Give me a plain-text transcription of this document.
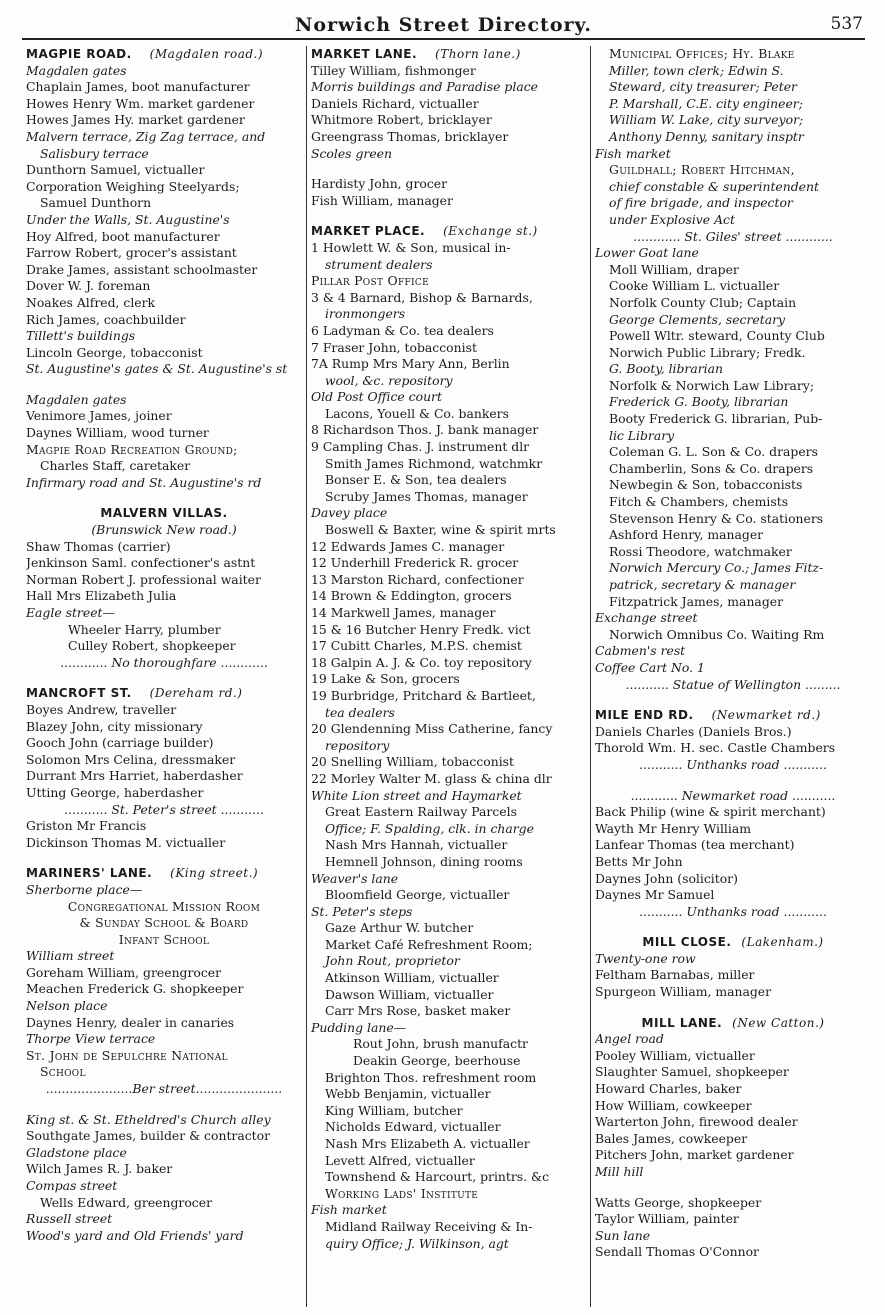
Norwich Street Directory.	537
MAGPIE ROAD. (Magdalen road.)
Magdalen gates
Chaplain James, boot manufacturer
Howes Henry Wm. market gardener
Howes James Hy. market gardener
Malvern terrace, Zig Zag terrace, and
Salisbury terrace
Dunthorn Samuel, victualler
Corporation Weighing Steelyards;
Samuel Dunthorn
Under the Walls, St. Augustine's
Hoy Alfred, boot manufacturer
Farrow Robert, grocer's assistant
Drake James, assistant schoolmaster
Dover W. J. foreman
Noakes Alfred, clerk
Rich James, coachbuilder
Tillett's buildings
Lincoln George, tobacconist
St. Augustine's gates & St. Augustine's st
Magdalen gates
Venimore James, joiner
Daynes William, wood turner
Magpie Road Recreation Ground;
Charles Staff, caretaker
Infirmary road and St. Augustine's rd
MALVERN VILLAS.
(Brunswick New road.)
Shaw Thomas (carrier)
Jenkinson Saml. confectioner's astnt
Norman Robert J. professional waiter
Hall Mrs Elizabeth Julia
Eagle street—
Wheeler Harry, plumber
Culley Robert, shopkeeper
............ No thoroughfare ............
MANCROFT ST. (Dereham rd.)
Boyes Andrew, traveller
Blazey John, city missionary
Gooch John (carriage builder)
Solomon Mrs Celina, dressmaker
Durrant Mrs Harriet, haberdasher
Utting George, haberdasher
........... St. Peter's street ...........
Griston Mr Francis
Dickinson Thomas M. victualler
MARINERS' LANE. (King street.)
Sherborne place—
Congregational Mission Room
& Sunday School & Board
Infant School
William street
Goreham William, greengrocer
Meachen Frederick G. shopkeeper
Nelson place
Daynes Henry, dealer in canaries
Thorpe View terrace
St. John de Sepulchre National
School
......................Ber street......................
King st. & St. Etheldred's Church alley
Southgate James, builder & contractor
Gladstone place
Wilch James R. J. baker
Compas street
Wells Edward, greengrocer
Russell street
Wood's yard and Old Friends' yard
MARKET LANE. (Thorn lane.)
Tilley William, fishmonger
Morris buildings and Paradise place
Daniels Richard, victualler
Whitmore Robert, bricklayer
Greengrass Thomas, bricklayer
Scoles green
Hardisty John, grocer
Fish William, manager
MARKET PLACE. (Exchange st.)
1 Howlett W. & Son, musical in-
strument dealers
Pillar Post Office
3 & 4 Barnard, Bishop & Barnards,
ironmongers
6 Ladyman & Co. tea dealers
7 Fraser John, tobacconist
7A Rump Mrs Mary Ann, Berlin
wool, &c. repository
Old Post Office court
Lacons, Youell & Co. bankers
8 Richardson Thos. J. bank manager
9 Campling Chas. J. instrument dlr
Smith James Richmond, watchmkr
Bonser E. & Son, tea dealers
Scruby James Thomas, manager
Davey place
Boswell & Baxter, wine & spirit mrts
12 Edwards James C. manager
12 Underhill Frederick R. grocer
13 Marston Richard, confectioner
14 Brown & Eddington, grocers
14 Markwell James, manager
15 & 16 Butcher Henry Fredk. vict
17 Cubitt Charles, M.P.S. chemist
18 Galpin A. J. & Co. toy repository
19 Lake & Son, grocers
19 Burbridge, Pritchard & Bartleet,
tea dealers
20 Glendenning Miss Catherine, fancy
repository
20 Snelling William, tobacconist
22 Morley Walter M. glass & china dlr
White Lion street and Haymarket
Great Eastern Railway Parcels
Office; F. Spalding, clk. in charge
Nash Mrs Hannah, victualler
Hemnell Johnson, dining rooms
Weaver's lane
Bloomfield George, victualler
St. Peter's steps
Gaze Arthur W. butcher
Market Café Refreshment Room;
John Rout, proprietor
Atkinson William, victualler
Dawson William, victualler
Carr Mrs Rose, basket maker
Pudding lane—
Rout John, brush manufactr
Deakin George, beerhouse
Brighton Thos. refreshment room
Webb Benjamin, victualler
King William, butcher
Nicholds Edward, victualler
Nash Mrs Elizabeth A. victualler
Levett Alfred, victualler
Townshend & Harcourt, printrs. &c
Working Lads' Institute
Fish market
Midland Railway Receiving & In-
quiry Office; J. Wilkinson, agt
Municipal Offices; Hy. Blake
Miller, town clerk; Edwin S.
Steward, city treasurer; Peter
P. Marshall, C.E. city engineer;
William W. Lake, city surveyor;
Anthony Denny, sanitary insptr
Fish market
Guildhall; Robert Hitchman,
chief constable & superintendent
of fire brigade, and inspector
under Explosive Act
............ St. Giles' street ............
Lower Goat lane
Moll William, draper
Cooke William L. victualler
Norfolk County Club; Captain
George Clements, secretary
Powell Wltr. steward, County Club
Norwich Public Library; Fredk.
G. Booty, librarian
Norfolk & Norwich Law Library;
Frederick G. Booty, librarian
Booty Frederick G. librarian, Pub-
lic Library
Coleman G. L. Son & Co. drapers
Chamberlin, Sons & Co. drapers
Newbegin & Son, tobacconists
Fitch & Chambers, chemists
Stevenson Henry & Co. stationers
Ashford Henry, manager
Rossi Theodore, watchmaker
Norwich Mercury Co.; James Fitz-
patrick, secretary & manager
Fitzpatrick James, manager
Exchange street
Norwich Omnibus Co. Waiting Rm
Cabmen's rest
Coffee Cart No. 1
........... Statue of Wellington .........
MILE END RD. (Newmarket rd.)
Daniels Charles (Daniels Bros.)
Thorold Wm. H. sec. Castle Chambers
........... Unthanks road ...........
............ Newmarket road ...........
Back Philip (wine & spirit merchant)
Wayth Mr Henry William
Lanfear Thomas (tea merchant)
Betts Mr John
Daynes John (solicitor)
Daynes Mr Samuel
........... Unthanks road ...........
MILL CLOSE. (Lakenham.)
Twenty-one row
Feltham Barnabas, miller
Spurgeon William, manager
MILL LANE. (New Catton.)
Angel road
Pooley William, victualler
Slaughter Samuel, shopkeeper
Howard Charles, baker
How William, cowkeeper
Warterton John, firewood dealer
Bales James, cowkeeper
Pitchers John, market gardener
Mill hill
Watts George, shopkeeper
Taylor William, painter
Sun lane
Sendall Thomas O'Connor
